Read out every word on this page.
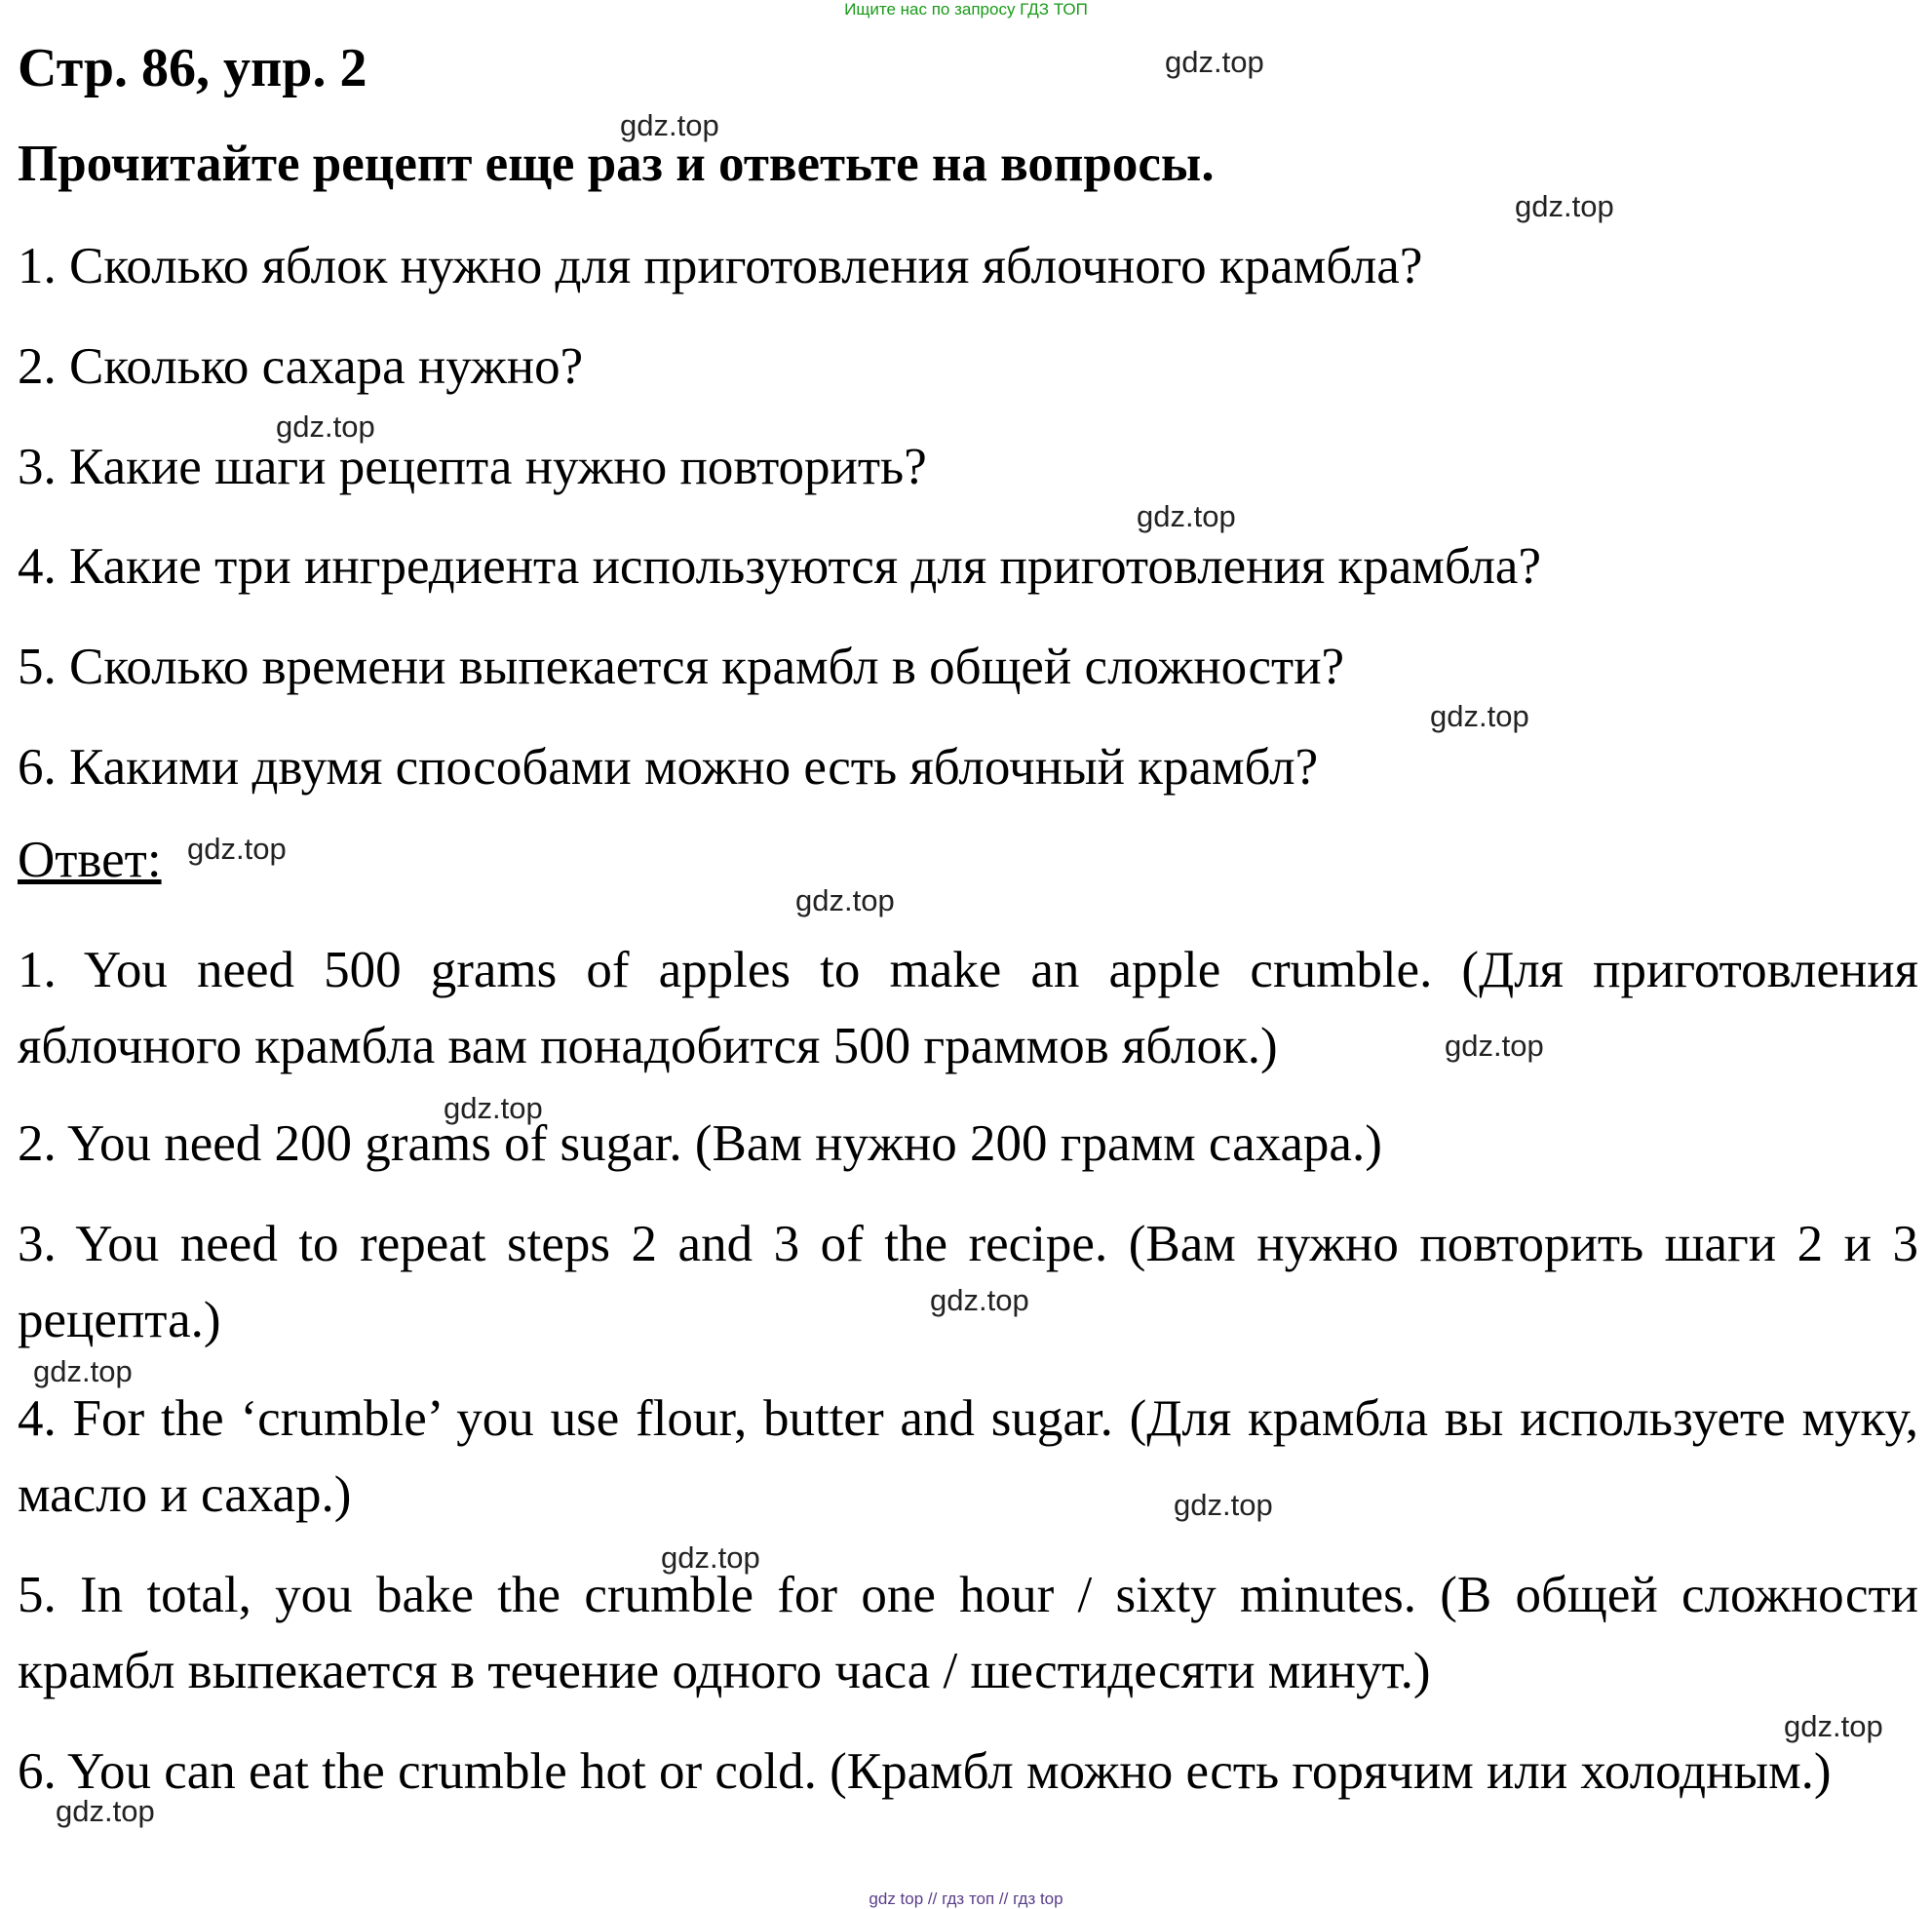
Ищите нас по запросу ГДЗ ТОП
Стр. 86, упр. 2
Прочитайте рецепт еще раз и ответьте на вопросы.
1. Сколько яблок нужно для приготовления яблочного крамбла?
2. Сколько сахара нужно?
3. Какие шаги рецепта нужно повторить?
4. Какие три ингредиента используются для приготовления крамбла?
5. Сколько времени выпекается крамбл в общей сложности?
6. Какими двумя способами можно есть яблочный крамбл?
Ответ:
1. You need 500 grams of apples to make an apple crumble. (Для приготовления яблочного крамбла вам понадобится 500 граммов яблок.)
2. You need 200 grams of sugar. (Вам нужно 200 грамм сахара.)
3. You need to repeat steps 2 and 3 of the recipe. (Вам нужно повторить шаги 2 и 3 рецепта.)
4. For the ‘crumble’ you use flour, butter and sugar. (Для крамбла вы используете муку, масло и сахар.)
5. In total, you bake the crumble for one hour / sixty minutes. (В общей сложности крамбл выпекается в течение одного часа / шестидесяти минут.)
6. You can eat the crumble hot or cold. (Крамбл можно есть горячим или холодным.)
gdz.top
gdz.top
gdz.top
gdz.top
gdz.top
gdz.top
gdz.top
gdz.top
gdz.top
gdz.top
gdz.top
gdz.top
gdz.top
gdz.top
gdz.top
gdz.top
gdz top // гдз топ // гдз top
